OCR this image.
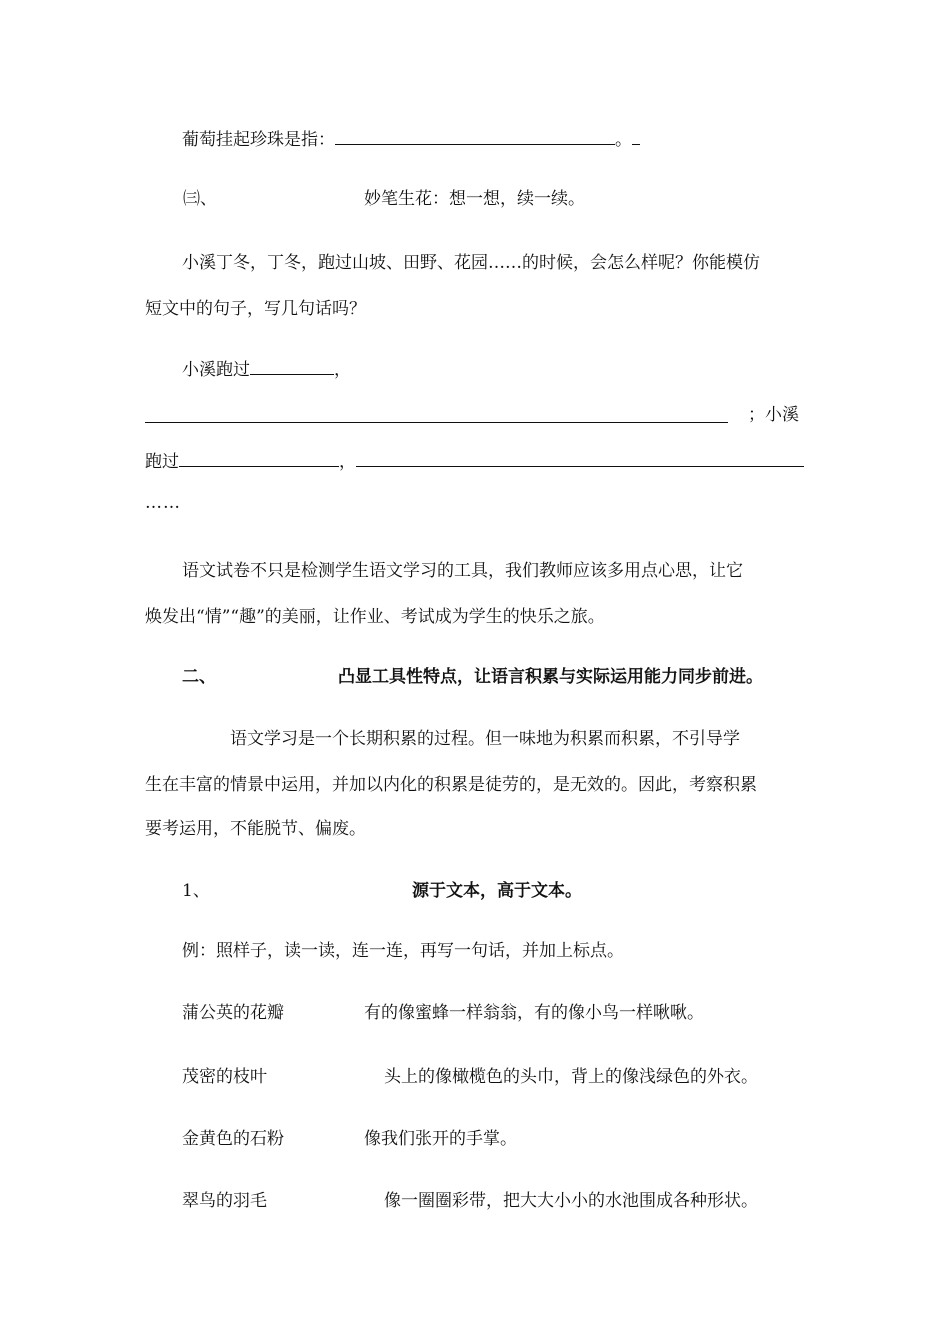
葡萄挂起珍珠是指：	。
㈢、	妙笔生花：想一想，续一续。
小溪丁冬，丁冬，跑过山坡、田野、花园……的时候，会怎么样呢？你能模仿
短文中的句子，写几句话吗？
小溪跑过	，
；小溪
跑过	，
……
语文试卷不只是检测学生语文学习的工具，我们教师应该多用点心思，让它
焕发出“情”“趣”的美丽，让作业、考试成为学生的快乐之旅。
二、	凸显工具性特点，让语言积累与实际运用能力同步前进。
语文学习是一个长期积累的过程。但一味地为积累而积累，不引导学
生在丰富的情景中运用，并加以内化的积累是徒劳的，是无效的。因此，考察积累
要考运用，不能脱节、偏废。
1、	源于文本，高于文本。
例：照样子，读一读，连一连，再写一句话，并加上标点。
蒲公英的花瓣	有的像蜜蜂一样翁翁，有的像小鸟一样啾啾。
茂密的枝叶	头上的像橄榄色的头巾，背上的像浅绿色的外衣。
金黄色的石粉	像我们张开的手掌。
翠鸟的羽毛	像一圈圈彩带，把大大小小的水池围成各种形状。
